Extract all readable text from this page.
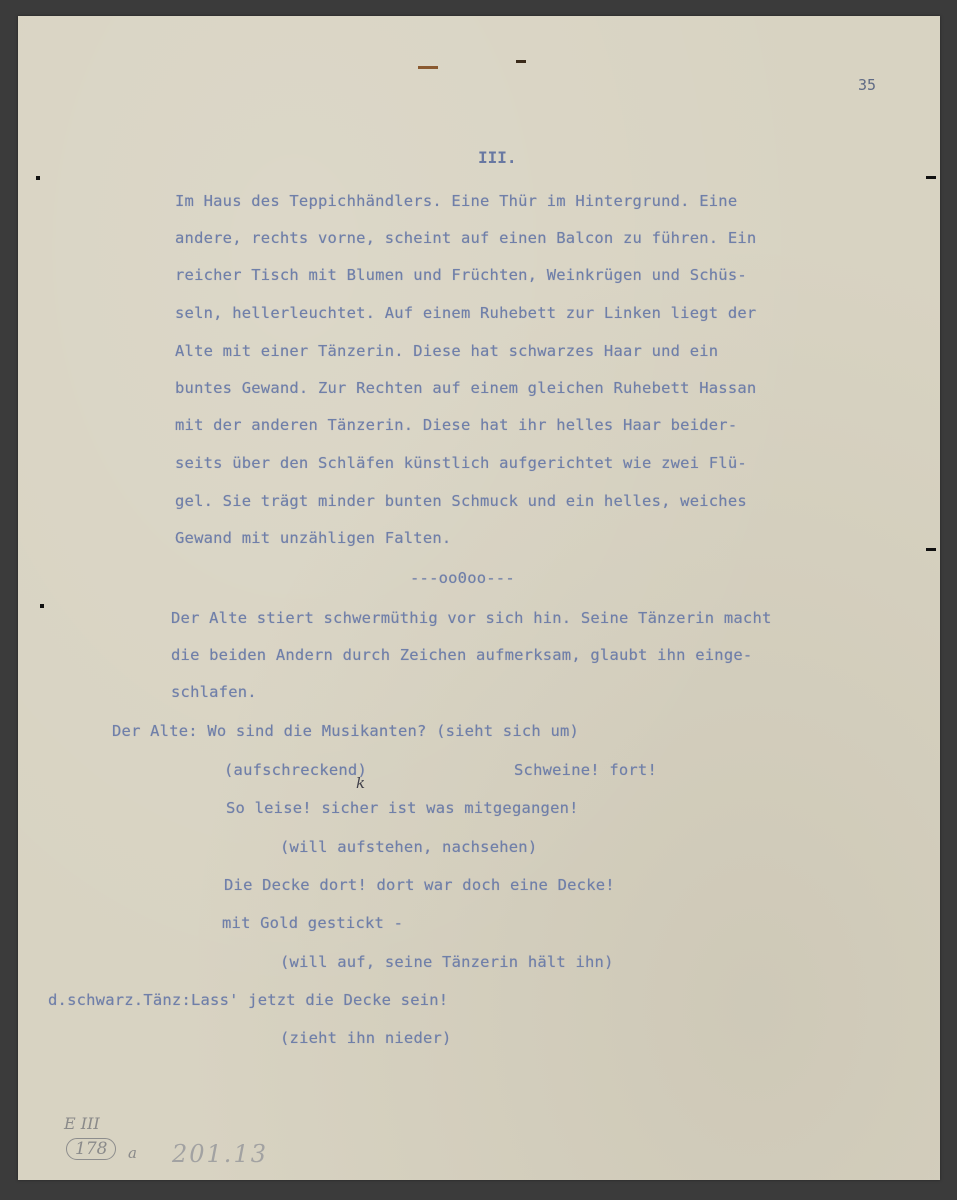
35
III.
Im Haus des Teppichhändlers. Eine Thür im Hintergrund. Eine
andere, rechts vorne, scheint auf einen Balcon zu führen. Ein
reicher Tisch mit Blumen und Früchten, Weinkrügen und Schüs-
seln, hellerleuchtet. Auf einem Ruhebett zur Linken liegt der
Alte mit einer Tänzerin. Diese hat schwarzes Haar und ein
buntes Gewand. Zur Rechten auf einem gleichen Ruhebett Hassan
mit der anderen Tänzerin. Diese hat ihr helles Haar beider-
seits über den Schläfen künstlich aufgerichtet wie zwei Flü-
gel. Sie trägt minder bunten Schmuck und ein helles, weiches
Gewand mit unzähligen Falten.
---oo0oo---
Der Alte stiert schwermüthig vor sich hin. Seine Tänzerin macht
die beiden Andern durch Zeichen aufmerksam, glaubt ihn einge-
schlafen.
Der Alte: Wo sind die Musikanten? (sieht sich um)
(aufschreckend)
k
Schweine! fort!
So leise! sicher ist was mitgegangen!
(will aufstehen, nachsehen)
Die Decke dort! dort war doch eine Decke!
mit Gold gestickt -
(will auf, seine Tänzerin hält ihn)
d.schwarz.Tänz:Lass' jetzt die Decke sein!
(zieht ihn nieder)
E III
178	a 201.13
